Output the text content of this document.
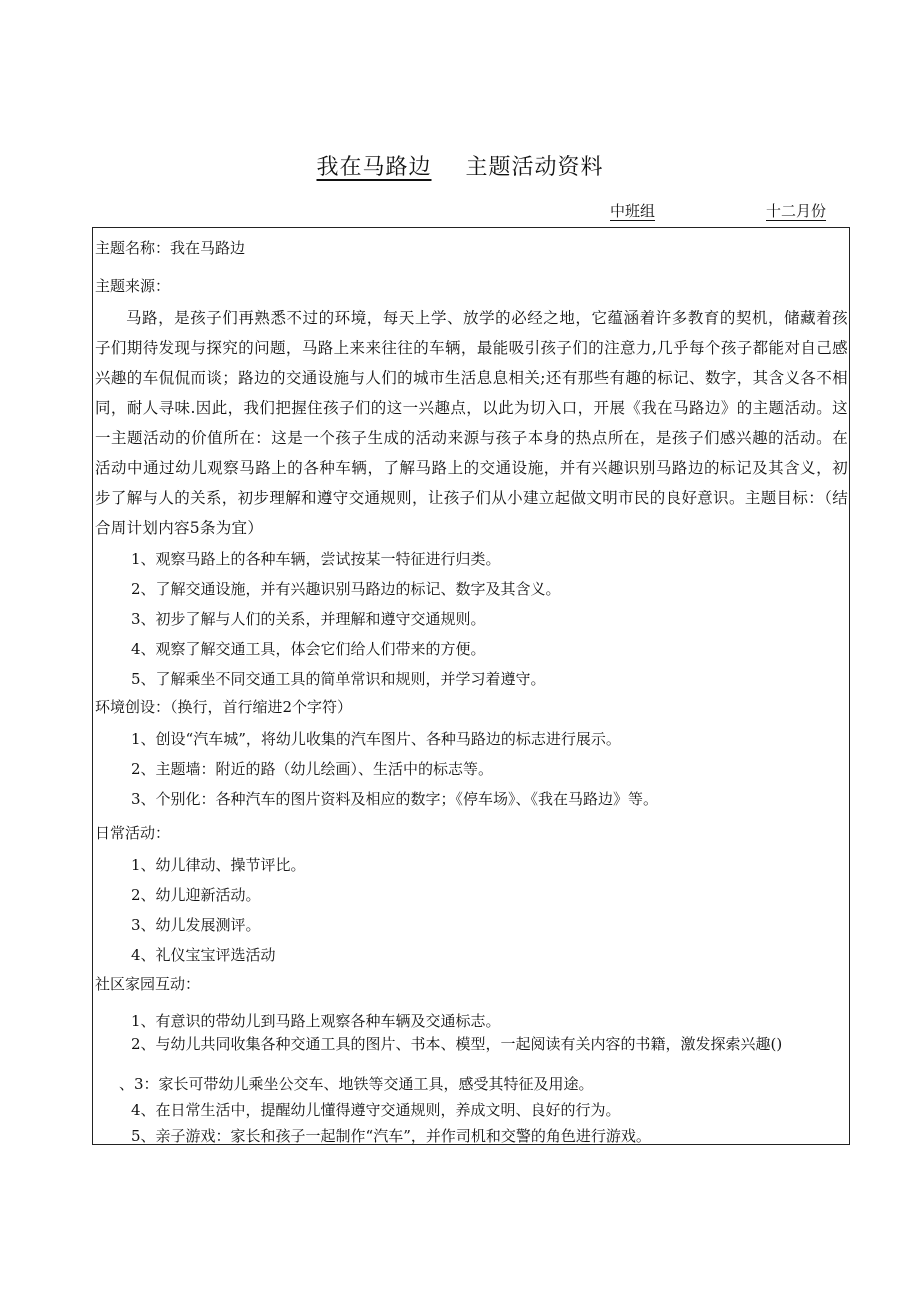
我在马路边 主题活动资料
中班组	十二月份
主题名称：我在马路边
主题来源：
马路，是孩子们再熟悉不过的环境，每天上学、放学的必经之地，它蕴涵着许多教育的契机，储藏着孩子们期待发现与探究的问题，马路上来来往往的车辆，最能吸引孩子们的注意力,几乎每个孩子都能对自己感兴趣的车侃侃而谈；路边的交通设施与人们的城市生活息息相关;还有那些有趣的标记、数字，其含义各不相同，耐人寻味.因此，我们把握住孩子们的这一兴趣点，以此为切入口，开展《我在马路边》的主题活动。这一主题活动的价值所在：这是一个孩子生成的活动来源与孩子本身的热点所在，是孩子们感兴趣的活动。在活动中通过幼儿观察马路上的各种车辆，了解马路上的交通设施，并有兴趣识别马路边的标记及其含义，初步了解与人的关系，初步理解和遵守交通规则，让孩子们从小建立起做文明市民的良好意识。主题目标：（结合周计划内容5条为宜）
1、观察马路上的各种车辆，尝试按某一特征进行归类。
2、了解交通设施，并有兴趣识别马路边的标记、数字及其含义。
3、初步了解与人们的关系，并理解和遵守交通规则。
4、观察了解交通工具，体会它们给人们带来的方便。
5、了解乘坐不同交通工具的简单常识和规则，并学习着遵守。
环境创设：（换行，首行缩进2个字符）
1、创设“汽车城”，将幼儿收集的汽车图片、各种马路边的标志进行展示。
2、主题墙：附近的路（幼儿绘画）、生活中的标志等。
3、个别化：各种汽车的图片资料及相应的数字；《停车场》、《我在马路边》等。
日常活动：
1、幼儿律动、操节评比。
2、幼儿迎新活动。
3、幼儿发展测评。
4、礼仪宝宝评选活动
社区家园互动：
1、有意识的带幼儿到马路上观察各种车辆及交通标志。
2、与幼儿共同收集各种交通工具的图片、书本、模型，一起阅读有关内容的书籍，激发探索兴趣()
、3：家长可带幼儿乘坐公交车、地铁等交通工具，感受其特征及用途。
4、在日常生活中，提醒幼儿懂得遵守交通规则，养成文明、良好的行为。
5、亲子游戏：家长和孩子一起制作“汽车”，并作司机和交警的角色进行游戏。
